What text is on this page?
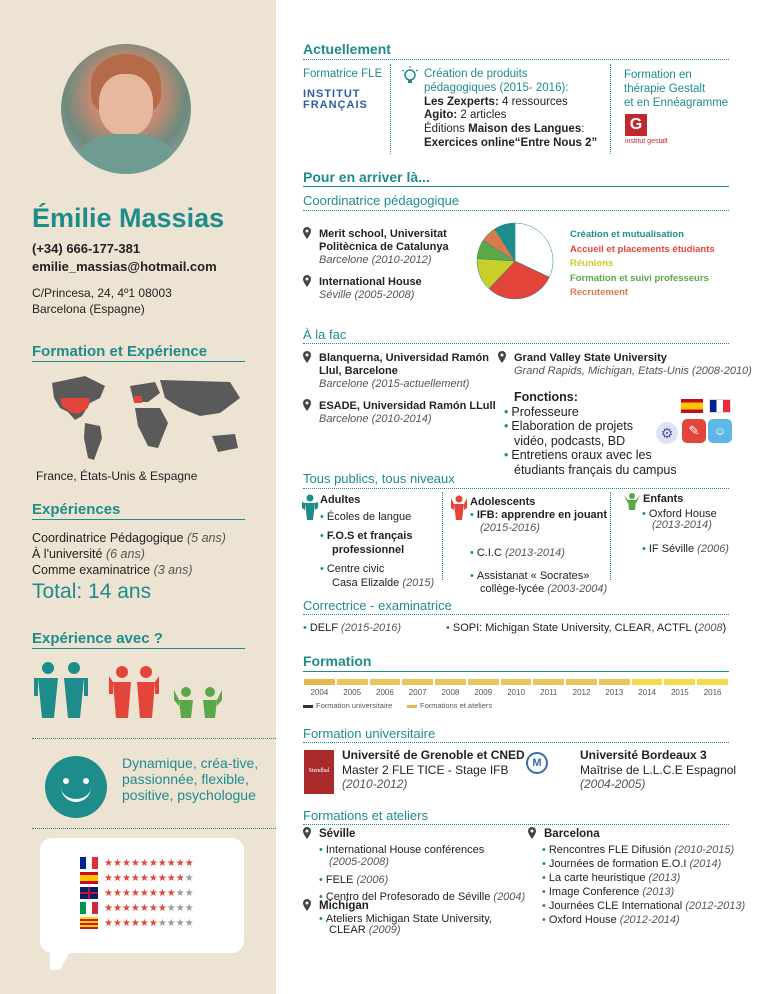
Émilie Massias
(+34) 666-177-381
emilie_massias@hotmail.com
C/Princesa, 24, 4º1 08003
Barcelona (Espagne)
Formation et Expérience
France, États-Unis & Espagne
Expériences
Coordinatrice Pédagogique (5 ans)
À l'université (6 ans)
Comme examinatrice (3 ans)
Total: 14 ans
Expérience avec ?
Dynamique, créa-tive, passionnée, flexible, positive, psychologue
★★★★★★★★★★
★★★★★★★★★★
★★★★★★★★★★
★★★★★★★★★★
★★★★★★★★★★
Actuellement
Formatrice FLE
INSTITUT
FRANÇAIS
Création de produits
pédagogiques (2015- 2016):
Les Zexperts: 4 ressources
Agito: 2 articles
Éditions Maison des Langues:
Exercices online“Entre Nous 2”
Formation en
thérapie Gestalt
et en Ennéagramme
G
institut gestalt
Pour en arriver là...
Coordinatrice pédagogique
Merit school, Universitat Politècnica de Catalunya
Barcelone (2010-2012)
International House
Séville (2005-2008)
Création et mutualisation
Accueil et placements étudiants
Réunions
Formation et suivi professeurs
Recrutement
À la fac
Blanquerna, Universidad Ramón Llul, Barcelone
Barcelone (2015-actuellement)
ESADE, Universidad Ramón LLull
Barcelone (2010-2014)
Grand Valley State University
Grand Rapids, Michigan, Etats-Unis (2008-2010)
Fonctions:
• Professeure
• Elaboration de projets
vidéo, podcasts, BD
• Entretiens oraux avec les
étudiants français du campus
⚙	✎	☺
Tous publics, tous niveaux
Adultes
• Écoles de langue
• F.O.S et français
professionnel
• Centre civic
Casa Elizalde (2015)
Adolescents
• IFB: apprendre en jouant
(2015-2016)
• C.I.C (2013-2014)
• Assistanat « Socrates»
collège-lycée (2003-2004)
Enfants
• Oxford House
(2013-2014)
• IF Séville (2006)
Correctrice - examinatrice
• DELF (2015-2016)	• SOPI: Michigan State University, CLEAR, ACTFL (2008)
Formation
2004	2005	2006	2007	2008	2009	2010	2011	2012	2013	2014	2015	2016
Formation universitaire	Formations et ateliers
Formation universitaire
Stendhal
Université de Grenoble et CNED
Master 2 FLE TICE - Stage IFB
(2010-2012)
M
Université Bordeaux 3
Maîtrise de L.L.C.E Espagnol
(2004-2005)
Formations et ateliers
Séville
• International House conférences
(2005-2008)
• FELE (2006)
• Centro del Profesorado de Séville (2004)
Michigan
• Ateliers Michigan State University,
CLEAR (2009)
Barcelona
• Rencontres FLE Difusión (2010-2015)
• Journées de formation E.O.I (2014)
• La carte heuristique (2013)
• Image Conference (2013)
• Journées CLE International (2012-2013)
• Oxford House (2012-2014)
